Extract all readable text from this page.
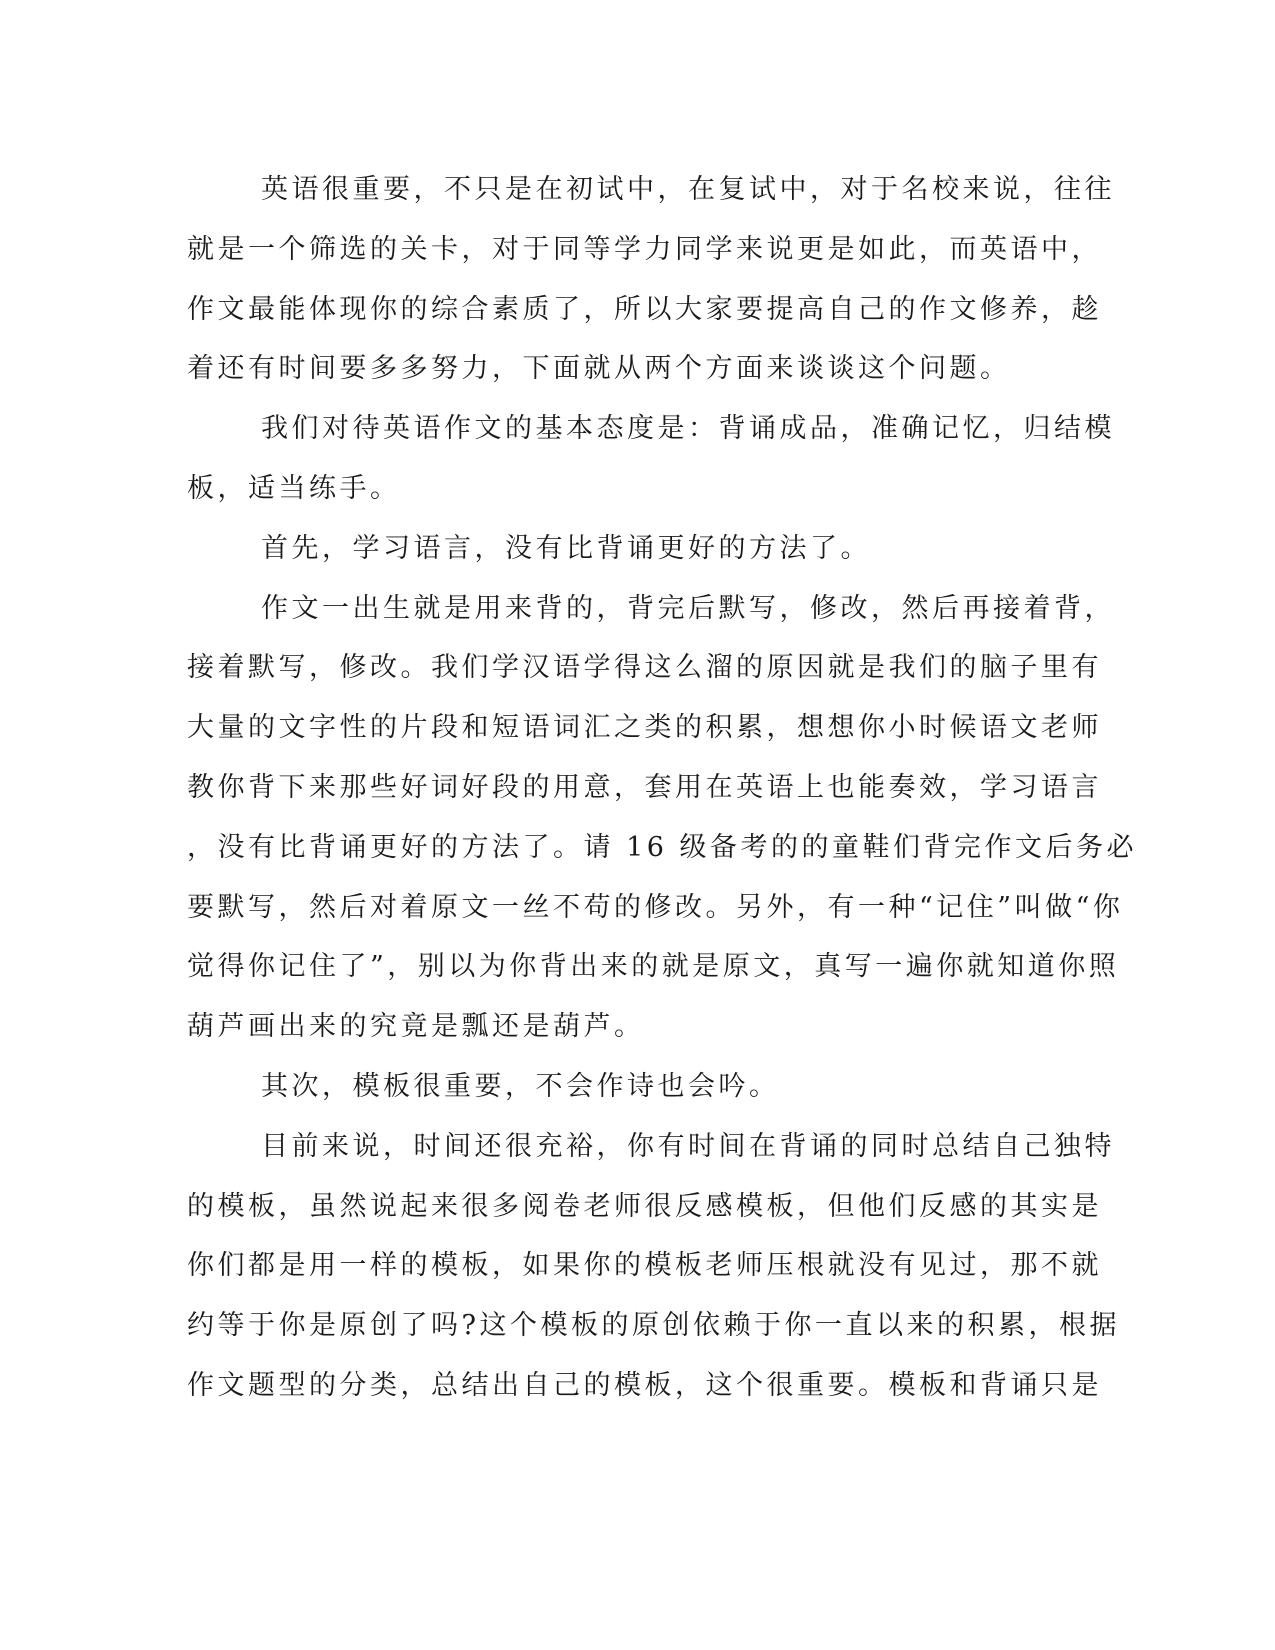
英语很重要，不只是在初试中，在复试中，对于名校来说，往往
就是一个筛选的关卡，对于同等学力同学来说更是如此，而英语中，
作文最能体现你的综合素质了，所以大家要提高自己的作文修养，趁
着还有时间要多多努力，下面就从两个方面来谈谈这个问题。
我们对待英语作文的基本态度是：背诵成品，准确记忆，归结模
板，适当练手。
首先，学习语言，没有比背诵更好的方法了。
作文一出生就是用来背的，背完后默写，修改，然后再接着背，
接着默写，修改。我们学汉语学得这么溜的原因就是我们的脑子里有
大量的文字性的片段和短语词汇之类的积累，想想你小时候语文老师
教你背下来那些好词好段的用意，套用在英语上也能奏效，学习语言
，没有比背诵更好的方法了。请 16 级备考的的童鞋们背完作文后务必
要默写，然后对着原文一丝不苟的修改。另外，有一种“记住”叫做“你
觉得你记住了”，别以为你背出来的就是原文，真写一遍你就知道你照
葫芦画出来的究竟是瓢还是葫芦。
其次，模板很重要，不会作诗也会吟。
目前来说，时间还很充裕，你有时间在背诵的同时总结自己独特
的模板，虽然说起来很多阅卷老师很反感模板，但他们反感的其实是
你们都是用一样的模板，如果你的模板老师压根就没有见过，那不就
约等于你是原创了吗?这个模板的原创依赖于你一直以来的积累，根据
作文题型的分类，总结出自己的模板，这个很重要。模板和背诵只是
